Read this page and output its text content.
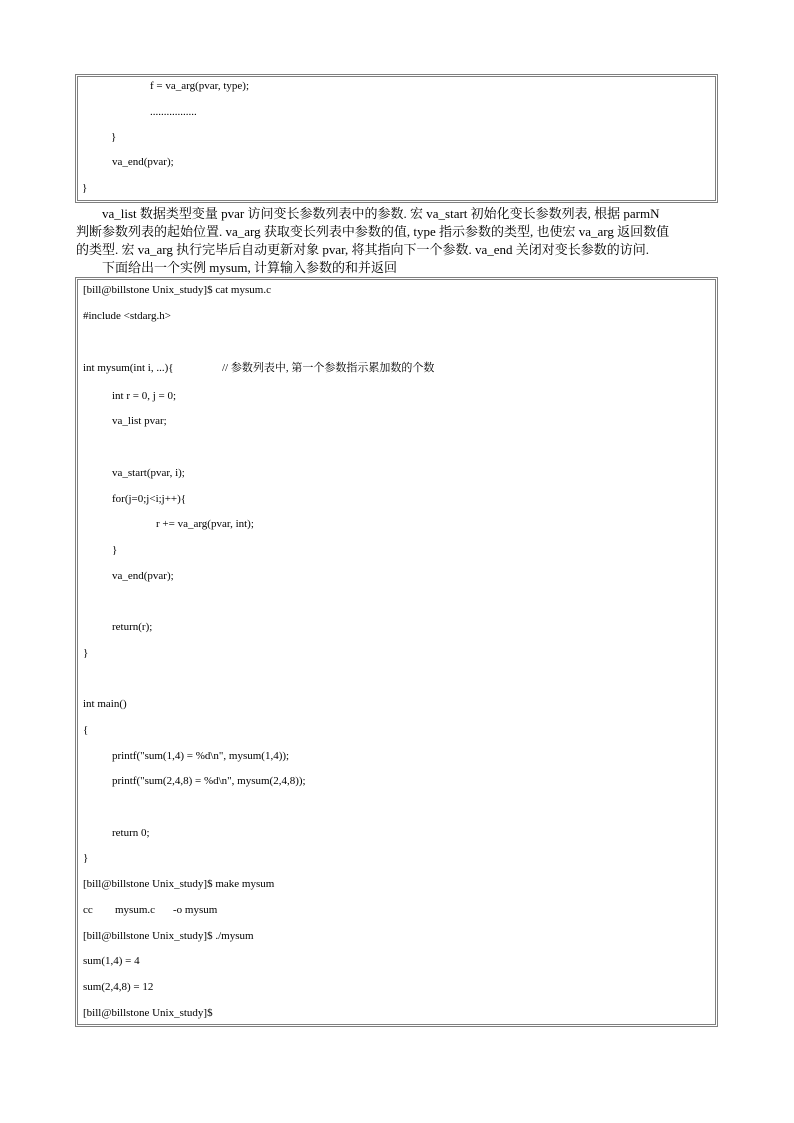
f = va_arg(pvar, type);
.................
}
va_end(pvar);
}
va_list 数据类型变量 pvar 访问变长参数列表中的参数. 宏 va_start 初始化变长参数列表, 根据 parmN
判断参数列表的起始位置. va_arg 获取变长列表中参数的值, type 指示参数的类型, 也使宏 va_arg 返回数值
的类型. 宏 va_arg 执行完毕后自动更新对象 pvar, 将其指向下一个参数. va_end 关闭对变长参数的访问.
下面给出一个实例 mysum, 计算输入参数的和并返回
[bill@billstone Unix_study]$ cat mysum.c
#include <stdarg.h>
int mysum(int i, ...){	// 参数列表中, 第一个参数指示累加数的个数
int r = 0, j = 0;
va_list pvar;
va_start(pvar, i);
for(j=0;j<i;j++){
r += va_arg(pvar, int);
}
va_end(pvar);
return(r);
}
int main()
{
printf("sum(1,4) = %d\n", mysum(1,4));
printf("sum(2,4,8) = %d\n", mysum(2,4,8));
return 0;
}
[bill@billstone Unix_study]$ make mysum
cc mysum.c -o mysum
[bill@billstone Unix_study]$ ./mysum
sum(1,4) = 4
sum(2,4,8) = 12
[bill@billstone Unix_study]$
